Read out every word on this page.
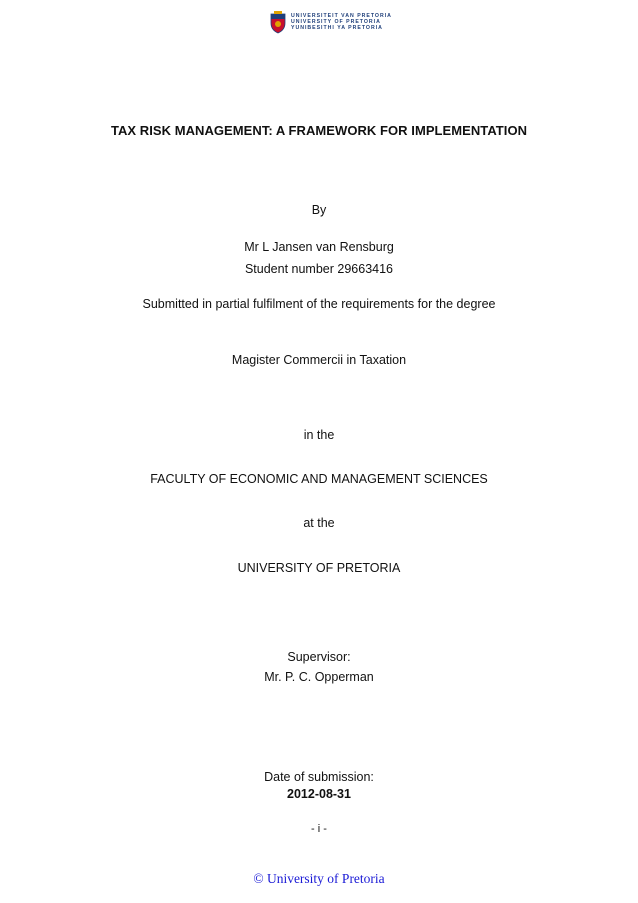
UNIVERSITEIT VAN PRETORIA
UNIVERSITY OF PRETORIA
YUNIBESITHI YA PRETORIA
TAX RISK MANAGEMENT: A FRAMEWORK FOR IMPLEMENTATION
By
Mr L Jansen van Rensburg
Student number 29663416
Submitted in partial fulfilment of the requirements for the degree
Magister Commercii in Taxation
in the
FACULTY OF ECONOMIC AND MANAGEMENT SCIENCES
at the
UNIVERSITY OF PRETORIA
Supervisor:
Mr. P. C. Opperman
Date of submission:
2012-08-31
- i -
© University of Pretoria
